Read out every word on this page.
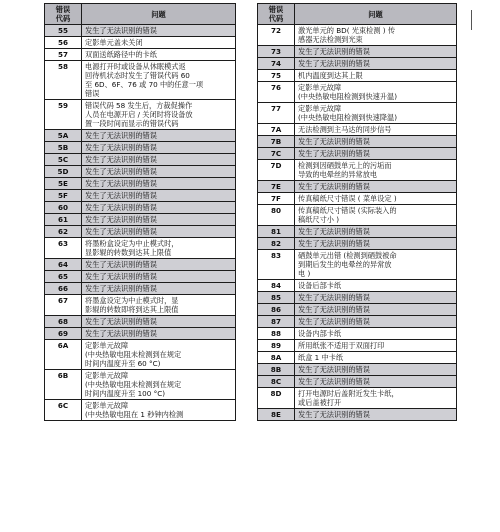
错误
代码	问题
55	发生了无法识别的错误
56	定影单元盖未关闭
57	双面送纸路径中的卡纸
58	电源打开时或设备从休眠模式返
回待机状态时发生了错误代码 60
至 6D、6F、76 或 70 中的任意一项
错误
59	错误代码 58 发生后，方裁促操作
人员在电源开启 / 关闭时将设备放
置一段时间而显示的错误代码
5A	发生了无法识别的错误
5B	发生了无法识别的错误
5C	发生了无法识别的错误
5D	发生了无法识别的错误
5E	发生了无法识别的错误
5F	发生了无法识别的错误
60	发生了无法识别的错误
61	发生了无法识别的错误
62	发生了无法识别的错误
63	将墨粉盒设定为中止模式时，
显影辊的转数到达其上限值
64	发生了无法识别的错误
65	发生了无法识别的错误
66	发生了无法识别的错误
67	将墨盒设定为中止模式时，显
影辊的转数即将到达其上限值
68	发生了无法识别的错误
69	发生了无法识别的错误
6A	定影单元故障
(中央热敏电阻未检测到在规定
时间内温度升至 60 °C)
6B	定影单元故障
(中央热敏电阻未检测到在规定
时间内温度升至 100 °C)
6C	定影单元故障
(中央热敏电阻在 1 秒钟内检测
错误
代码	问题
72	激光单元的 BD( 光束检测 ) 传
感器无法检测到光束
73	发生了无法识别的错误
74	发生了无法识别的错误
75	机内温度到达其上限
76	定影单元故障
(中央热敏电阻检测到快速升温)
77	定影单元故障
(中央热敏电阻检测到快速降温)
7A	无法检测到主马达的同步信号
7B	发生了无法识别的错误
7C	发生了无法识别的错误
7D	检测到因硒鼓单元上的污垢而
导致的电晕丝的异常放电
7E	发生了无法识别的错误
7F	传真稿纸尺寸错误 ( 菜单设定 )
80	传真稿纸尺寸错误 (实际装入的
稿纸尺寸小 )
81	发生了无法识别的错误
82	发生了无法识别的错误
83	硒鼓单元出错 (检测到硒鼓被命
到期后发生的电晕丝的异常放
电 )
84	设备后部卡纸
85	发生了无法识别的错误
86	发生了无法识别的错误
87	发生了无法识别的错误
88	设备内部卡纸
89	所用纸张不适用于双面打印
8A	纸盒 1 中卡纸
8B	发生了无法识别的错误
8C	发生了无法识别的错误
8D	打开电源时后盖附近发生卡纸，
或后盖被打开
8E	发生了无法识别的错误
